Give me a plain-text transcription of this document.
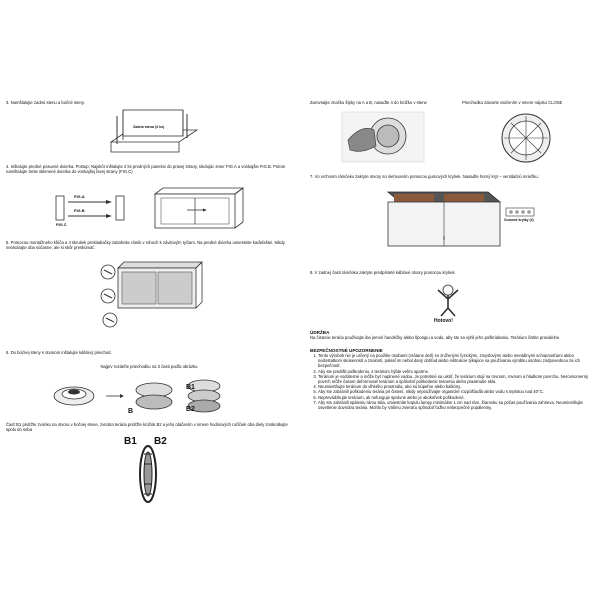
3. Namštalujte zadnú stenu a bočné steny.

Zadná stena (3 ks)

4. Inštalujte predné posuvné dvierka. Postup: Najskôr inštalujte 2 ks predných panelov do pravej strany, sledujúc smer FIG.A a vonkajšie FIG.B. Potom namštalujte tretie sklenené dvierka do vonkajšej ľavej strany (FIG.C)

FIG.A
FIG.B
FIG.C

5. Pomocou montážneho kľúča a 4 skrutiek prekladiačky zatiahnite rámik v rohoch k závitovým tyčiam. Na predné dvierka umiestnite kaďeľaštei. Nikdy neotvárajte oba súčasne, ale si skôr preskúmať.

6. Do bočnej steny s otvorom inštalujte káblový priechod.

Najprv rozdeľte priechodku na 3 časti podľa obrázku

B
B1
B2

Časť B1 pridržte zvonku na otvoru v bočnej stene, zvnútra terária pridržte krúžok B2 a jeho otáčaním v smere hodinových ručičiek oba diely zoskrutkujte spolu do seba

B1 B2

Zarovnajte značku šípky na A a B, nasaďte 4 do krúžku v stene	Priechodku zatvorte otočením v smere nápisu CLOSE

7. Vo vrchnom rámčeku zakryte otvory so sieťovaním pomocou gumových krytiek. Nasaďte horný kryt – ventilačnú mriežku.

Gumové krytky (4)

8. V zadnej časti rámčeka zakryte predpísteté káblové otvory pomocou krytiek.

Hotovo!
ÚDRŽBA

Na čistenie terária používajte iba jemné handričky alebo špongiu a vodu, aby ste sa vyhli jeho poškriabaniu. Terárium čistite pravidelne.

BEZPEČNOSTNÉ UPOZORNENIE
1. Tento výrobok nie je určený na použitie osobami (vrátane detí) so zníženými fyzickými, zmyslovými alebo mentálnymi schopnosťami alebo nedostatkom skúseností a znalostí, pokiaľ im nebol daný dohľad alebo inštrukcie týkajúce sa používania výrobku osobou zodpovednou za ich bezpečnosť.
2. Aby ste predišli poškodeniu, s teráriom hýbte veľmi opatrne.
3. Terárium je vodotesné a môže byť naplnené vodou. Je potrebné sa uistiť, že terárium stojí na rovnom, rovnom a hladkom povrchu. Nerovnomerný povrch môže časom deformovať terárium a spôsobiť poškodenie tesnenia alebo prasknutie skla.
4. Neumiestňujte terárium do vlhkého prostredia, ako sú kúpeľne alebo balkóny.
5. Aby ste zabránili poškodeniu terária pri čistení, nikdy nepoužívajte organické rozpúšťadlá alebo vodu s teplotou nad 40°C.
6. Neprevádzkujte terárium, ak nefunguje správne alebo je akokoľvek poškodené.
7. Aby ste zabránili spáleniu rámu skla, umiestnite kopulu lampy minimálne 1 cm nad rám. Žiarovku sa počas používania zahrieva. Neumiestňujte osvetlenie dovnútra terária. Mohlo by Vášmu zvieraťu spôsobiť ťažko nebezpečné popáleniny.
